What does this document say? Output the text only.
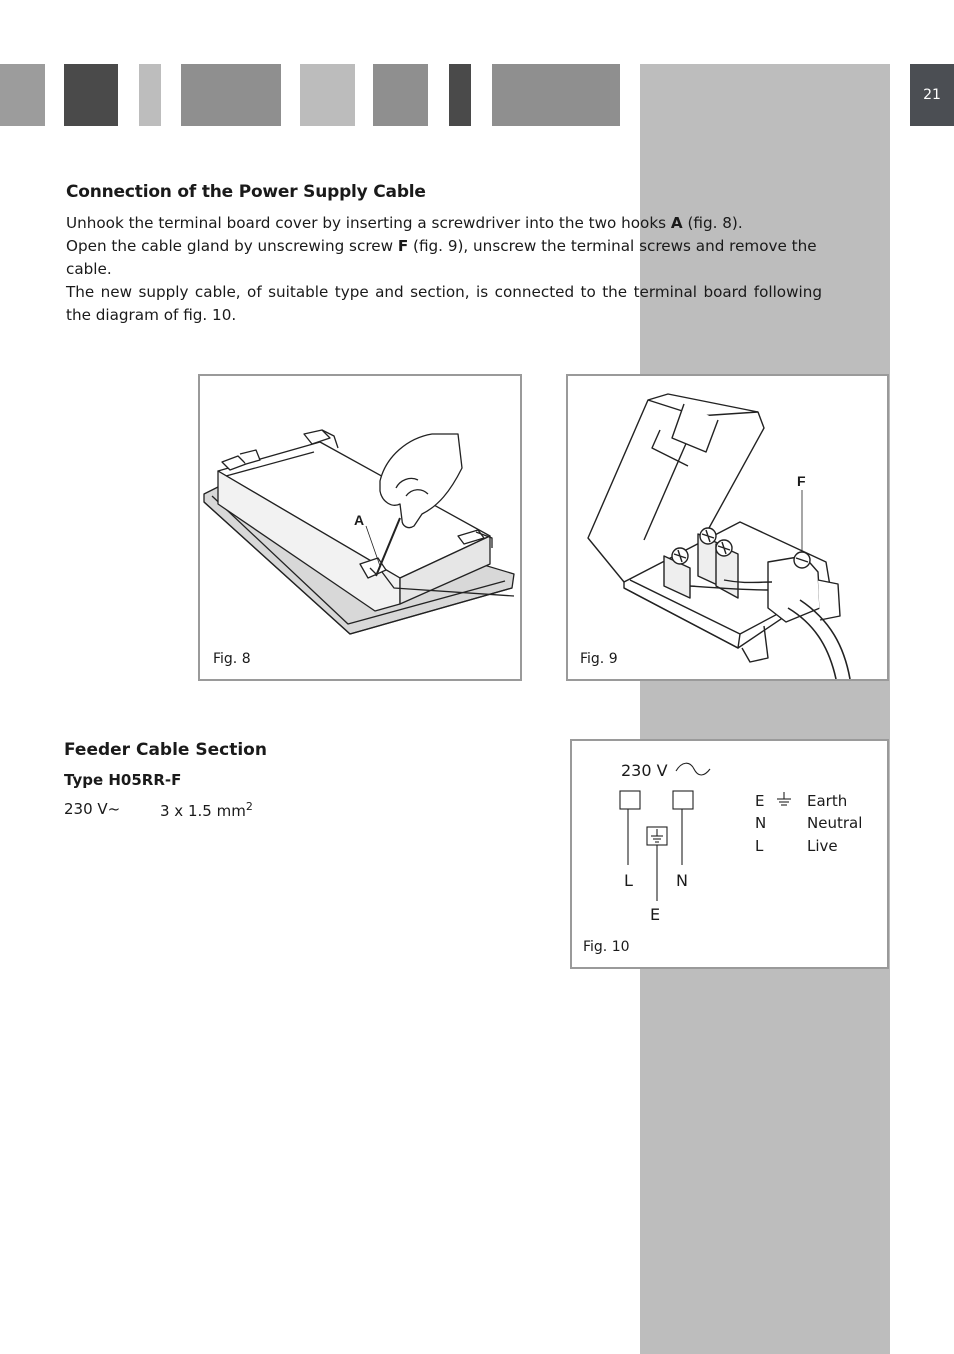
21
Connection of the Power Supply Cable

Unhook the terminal board cover by inserting a screwdriver into the two hooks A (fig. 8).

Open the cable gland by unscrewing screw F (fig. 9), unscrew the terminal screws and remove the cable.

The new supply cable, of suitable type and section, is connected to the terminal board following the diagram of fig. 10.

A
Fig. 8
F
Fig. 9
Feeder Cable Section
Type H05RR-F
230 V~	3 x 1.5 $mm^2$
230 V
L	N
E
E	Earth
N	Neutral
L	Live
Fig. 10
